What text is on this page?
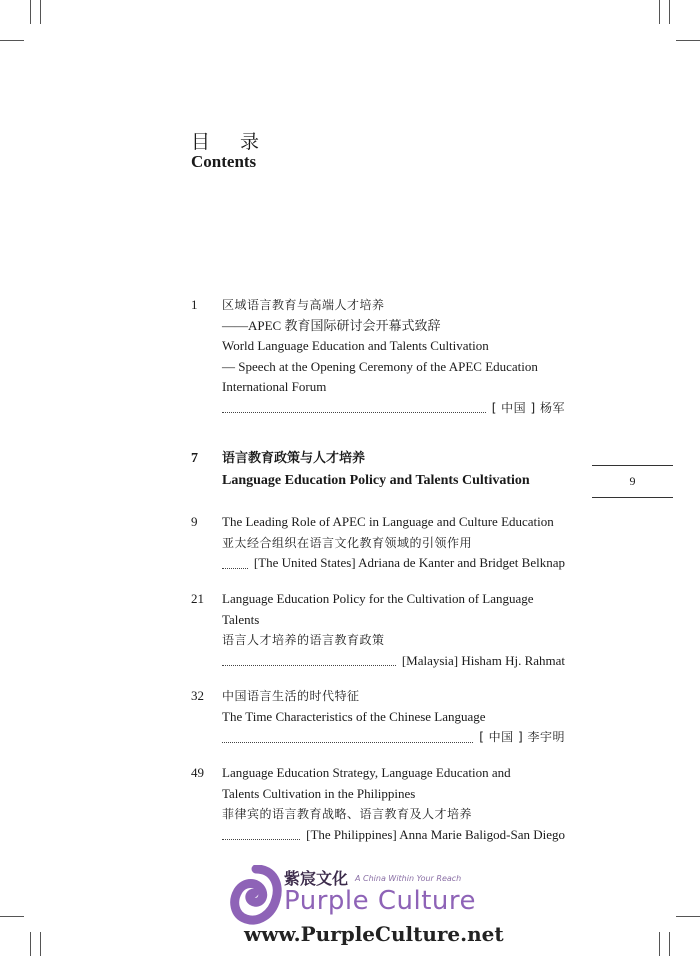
目 录
Contents
1 区域语言教育与高端人才培养
——APEC 教育国际研讨会开幕式致辞
World Language Education and Talents Cultivation
— Speech at the Opening Ceremony of the APEC Education
International Forum
[ 中国 ] 杨军
7 语言教育政策与人才培养
Language Education Policy and Talents Cultivation	9
9 The Leading Role of APEC in Language and Culture Education
亚太经合组织在语言文化教育领域的引领作用
[The United States] Adriana de Kanter and Bridget Belknap
21 Language Education Policy for the Cultivation of Language
Talents
语言人才培养的语言教育政策
[Malaysia] Hisham Hj. Rahmat
32 中国语言生活的时代特征
The Time Characteristics of the Chinese Language
[ 中国 ] 李宇明
49 Language Education Strategy, Language Education and
Talents Cultivation in the Philippines
菲律宾的语言教育战略、语言教育及人才培养
[The Philippines] Anna Marie Baligod-San Diego
紫宸文化 A China Within Your Reach
Purple Culture
www.PurpleCulture.net
